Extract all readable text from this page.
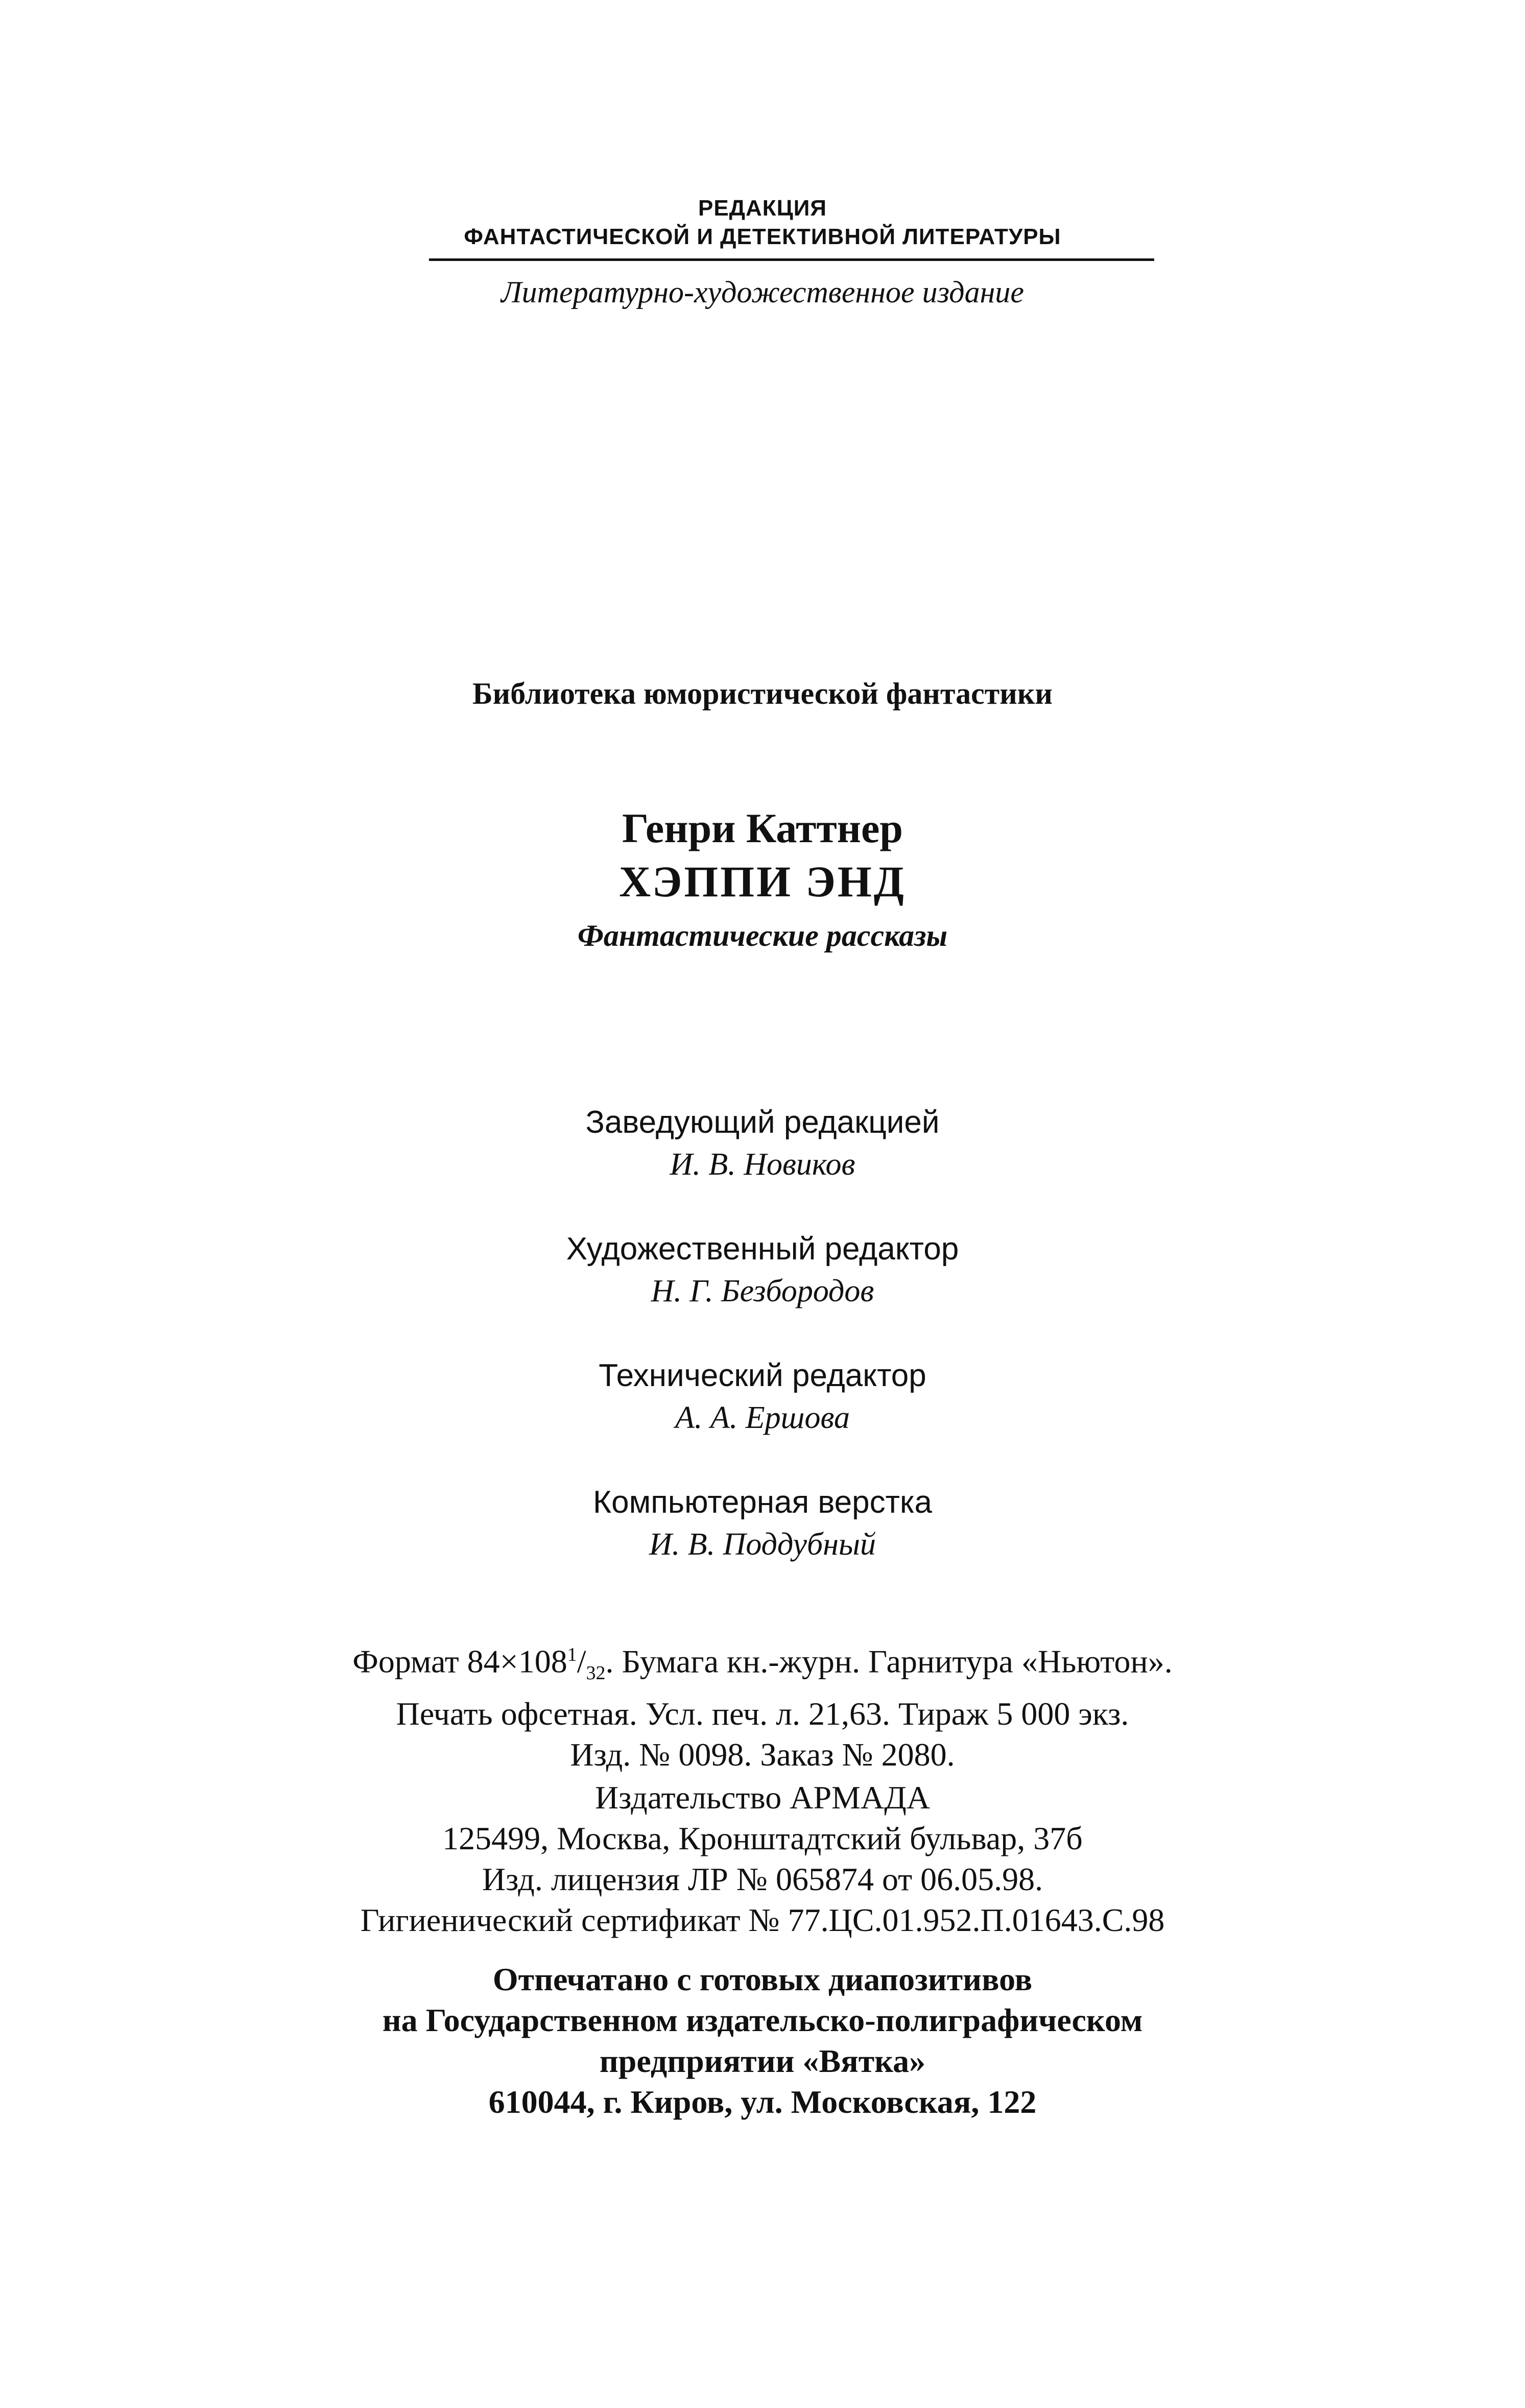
РЕДАКЦИЯ
ФАНТАСТИЧЕСКОЙ И ДЕТЕКТИВНОЙ ЛИТЕРАТУРЫ
Литературно-художественное издание
Библиотека юмористической фантастики
Генри Каттнер
ХЭППИ ЭНД
Фантастические рассказы
Заведующий редакцией
И. В. Новиков
Художественный редактор
Н. Г. Безбородов
Технический редактор
А. А. Ершова
Компьютерная верстка
И. В. Поддубный
Формат $84\times 108^1/_{32}$. Бумага кн.-журн. Гарнитура «Ньютон».
Печать офсетная. Усл. печ. л. 21,63. Тираж 5 000 экз.
Изд. № 0098. Заказ № 2080.
Издательство АРМАДА
125499, Москва, Кронштадтский бульвар, 37б
Изд. лицензия ЛР № 065874 от 06.05.98.
Гигиенический сертификат № 77.ЦС.01.952.П.01643.С.98
Отпечатано с готовых диапозитивов
на Государственном издательско-полиграфическом
предприятии «Вятка»
610044, г. Киров, ул. Московская, 122
